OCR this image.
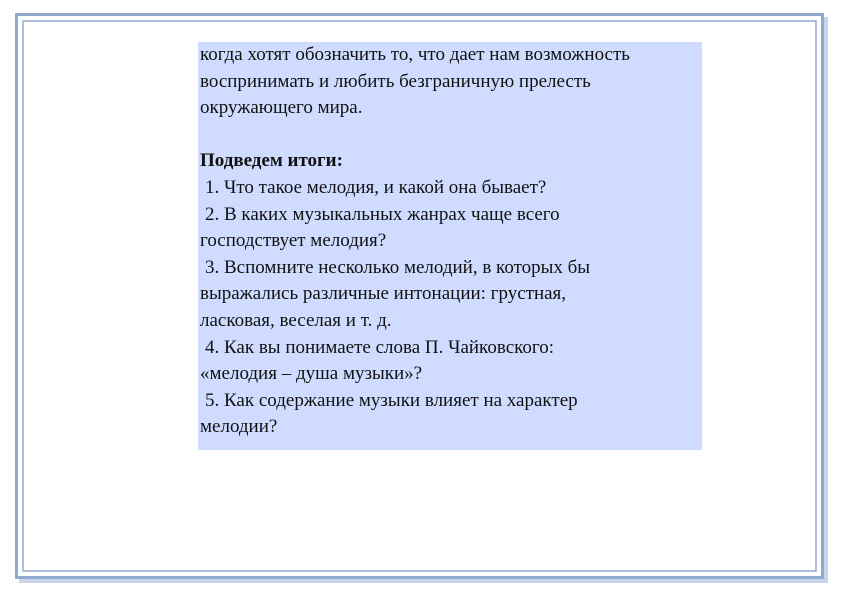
когда хотят обозначить то, что дает нам возможность

воспринимать и любить безграничную прелесть

окружающего мира.

Подведем итоги:

1. Что такое мелодия, и какой она бывает?

2. В каких музыкальных жанрах чаще всего

господствует мелодия?

3. Вспомните несколько мелодий, в которых бы

выражались различные интонации: грустная,

ласковая, веселая и т. д.

4. Как вы понимаете слова П. Чайковского:

«мелодия – душа музыки»?

5. Как содержание музыки влияет на характер

мелодии?
